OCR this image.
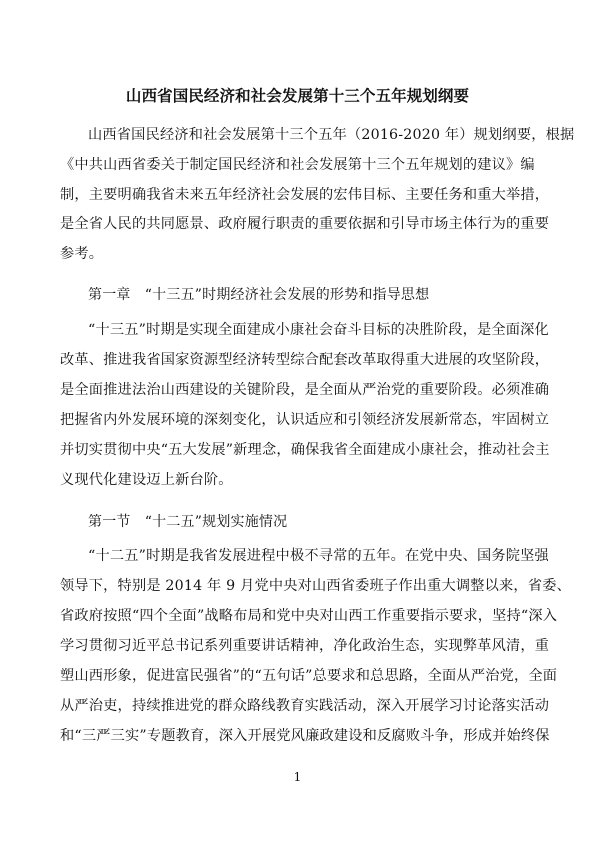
山西省国民经济和社会发展第十三个五年规划纲要
山西省国民经济和社会发展第十三个五年（2016-2020 年）规划纲要，根据
《中共山西省委关于制定国民经济和社会发展第十三个五年规划的建议》编
制，主要明确我省未来五年经济社会发展的宏伟目标、主要任务和重大举措，
是全省人民的共同愿景、政府履行职责的重要依据和引导市场主体行为的重要
参考。
第一章　“十三五”时期经济社会发展的形势和指导思想
“十三五”时期是实现全面建成小康社会奋斗目标的决胜阶段，是全面深化
改革、推进我省国家资源型经济转型综合配套改革取得重大进展的攻坚阶段，
是全面推进法治山西建设的关键阶段，是全面从严治党的重要阶段。必须准确
把握省内外发展环境的深刻变化，认识适应和引领经济发展新常态，牢固树立
并切实贯彻中央“五大发展”新理念，确保我省全面建成小康社会，推动社会主
义现代化建设迈上新台阶。
第一节　“十二五”规划实施情况
“十二五”时期是我省发展进程中极不寻常的五年。在党中央、国务院坚强
领导下，特别是 2014 年 9 月党中央对山西省委班子作出重大调整以来，省委、
省政府按照“四个全面”战略布局和党中央对山西工作重要指示要求，坚持“深入
学习贯彻习近平总书记系列重要讲话精神，净化政治生态，实现弊革风清，重
塑山西形象，促进富民强省”的“五句话”总要求和总思路，全面从严治党，全面
从严治吏，持续推进党的群众路线教育实践活动，深入开展学习讨论落实活动
和“三严三实”专题教育，深入开展党风廉政建设和反腐败斗争，形成并始终保
1
